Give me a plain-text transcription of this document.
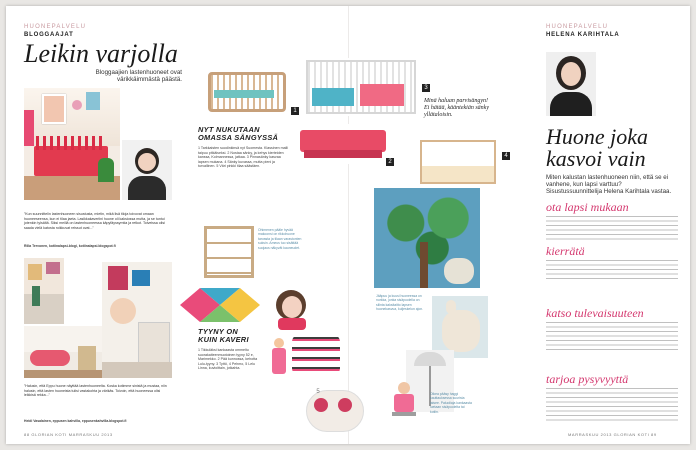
HUONEPALVELU
BLOGGAAJAT
Leikin varjolla
Bloggaajien lastenhuoneet ovat värikkäimmästä päästä.
"Kun suunnittelin lastenhuoneen sisustusta, mietin, mikä lisä tiloja toivovat omaan huoneeseensa, kun ei tilaa jaeta. Lasikkakaveriini huone oli kaksiossa mutta, ja se tuntui jotenkin tylsältä. Siksi meillä on lastenhuoneessa käpyfäyssymtia ja retkot. Toiveissa olisi saada vielä katosta roikkuvat reissut ovat..."
Rilla Tervonen, kotiinalapsi-blogi, kotiinalapsi.blogspot.fi
"Halusin, että Eppu huone näyttää lastenhuoneelta. Koska kotimme sinistä ja mustaa, niin halusin, että lasten huoneista tulisi vastakohta ja värikäs. Toivoin, että huoneessa olisi leikkisä rekka..."
Heidi Vasalainen, eppusen kahvilla, eppusenkahvilla.blogspot.fi
88 GLORIAN KOTI MARRASKUU 2013
1
3
Minä haluan parvisängyn! Ei hätää, kääntekiän sänky yllätaloisin.
2
4
NYT NUKUTAAN
OMASSA SÄNGYSSÄ
1 Tarkkaisten suodinkinsä nyt Suomesta. Klassinen malli taipuu pitkäiseksi. 2 Nostaa sänky, ja kehys kierteiden kanssa, Kolmannessa, jatkaa. 3 Pinnasänky kasvaa lapsen mukana. 4 Sänky kuvassa, mutta pieni ja turvallinen. 5 Väri pinkki tilaa säästäen.
Ohimenen pääle hyvää makoonsi on rikkohuone tarvasta ja tilaan varastonten suksin. Ameus tuo sisättää suojaus näkyvät kauneudet.
5
TYYNY ON
KUIN KAVERI
1 Tikkuläksi kankaasta ommeltu suorakaiteenmuotoinen tyyny 52 e, Marimekko. 2 Pää kunnossa, kehotta Lulu-tyyny. 3 Tyttö, 4 Pehmo, 5 Lelu Linna, kuvioittain, jotkahta.
Jääpuu ja kuusi huoneessa on nurkka, jonka sisäpuolella on silinta kaksitaitto lapsen huonekasvua, kuljeskelun ajon.
Oikea pääsy haggi kauttauksessa suurista laisee. Paluoliaja kankaasta luetaan sisäpuolelta tai kotiin.
HUONEPALVELU
HELENA KARIHTALA
Huone joka
kasvoi vain
Miten kalustan lastenhuoneen niin, että se ei vanhene, kun lapsi varttuu? Sisustussuunnittelija Helena Karihtala vastaa.
ota lapsi mukaan
kierrätä
katso tulevaisuuteen
tarjoa pysyvyyttä
MARRASKUU 2013 GLORIAN KOTI 89
